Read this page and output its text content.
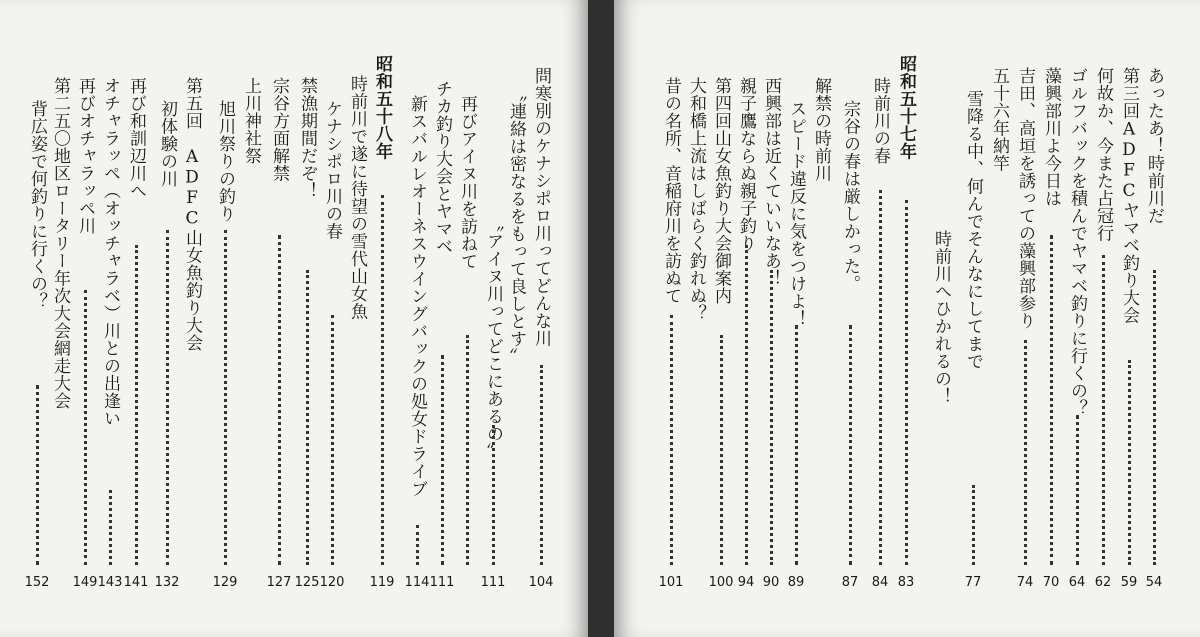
問寒別のケナシポロ川ってどんな川
104
〝連絡は密なるをもって良しとす〟
〝アイヌ川ってどこにあるの〟
111
再びアイヌ川を訪ねて
チカ釣り大会とヤマベ
111
新スバルレオーネスウイングバックの処女ドライブ
114
昭和五十八年
119
時前川で遂に待望の雪代山女魚
ケナシポロ川の春
120
禁漁期間だぞ！
125
宗谷方面解禁
127
上川神社祭
旭川祭りの釣り
129
第五回　ADFC山女魚釣り大会
初体験の川
132
再び和訓辺川へ
141
オチャラッペ（オッチャラベ）川との出逢い
143
再びオチャラッペ川
149
第二五〇地区ロータリー年次大会網走大会
背広姿で何釣りに行くの？
152
あったあ！時前川だ
54
第三回ADFCヤマベ釣り大会
59
何故か、今また占冠行
62
ゴルフバックを積んでヤマベ釣りに行くの？
64
藻興部川よ今日は
70
吉田、高垣を誘っての藻興部参り
74
五十六年納竿
雪降る中、何んでそんなにしてまで
77
時前川へひかれるの！
昭和五十七年
83
時前川の春
84
宗谷の春は厳しかった。
87
解禁の時前川
スピード違反に気をつけよ！
89
西興部は近くていいなあ！
90
親子鷹ならぬ親子釣り
94
第四回山女魚釣り大会御案内
100
大和橋上流はしばらく釣れぬ？
昔の名所、音稲府川を訪ぬて
101
